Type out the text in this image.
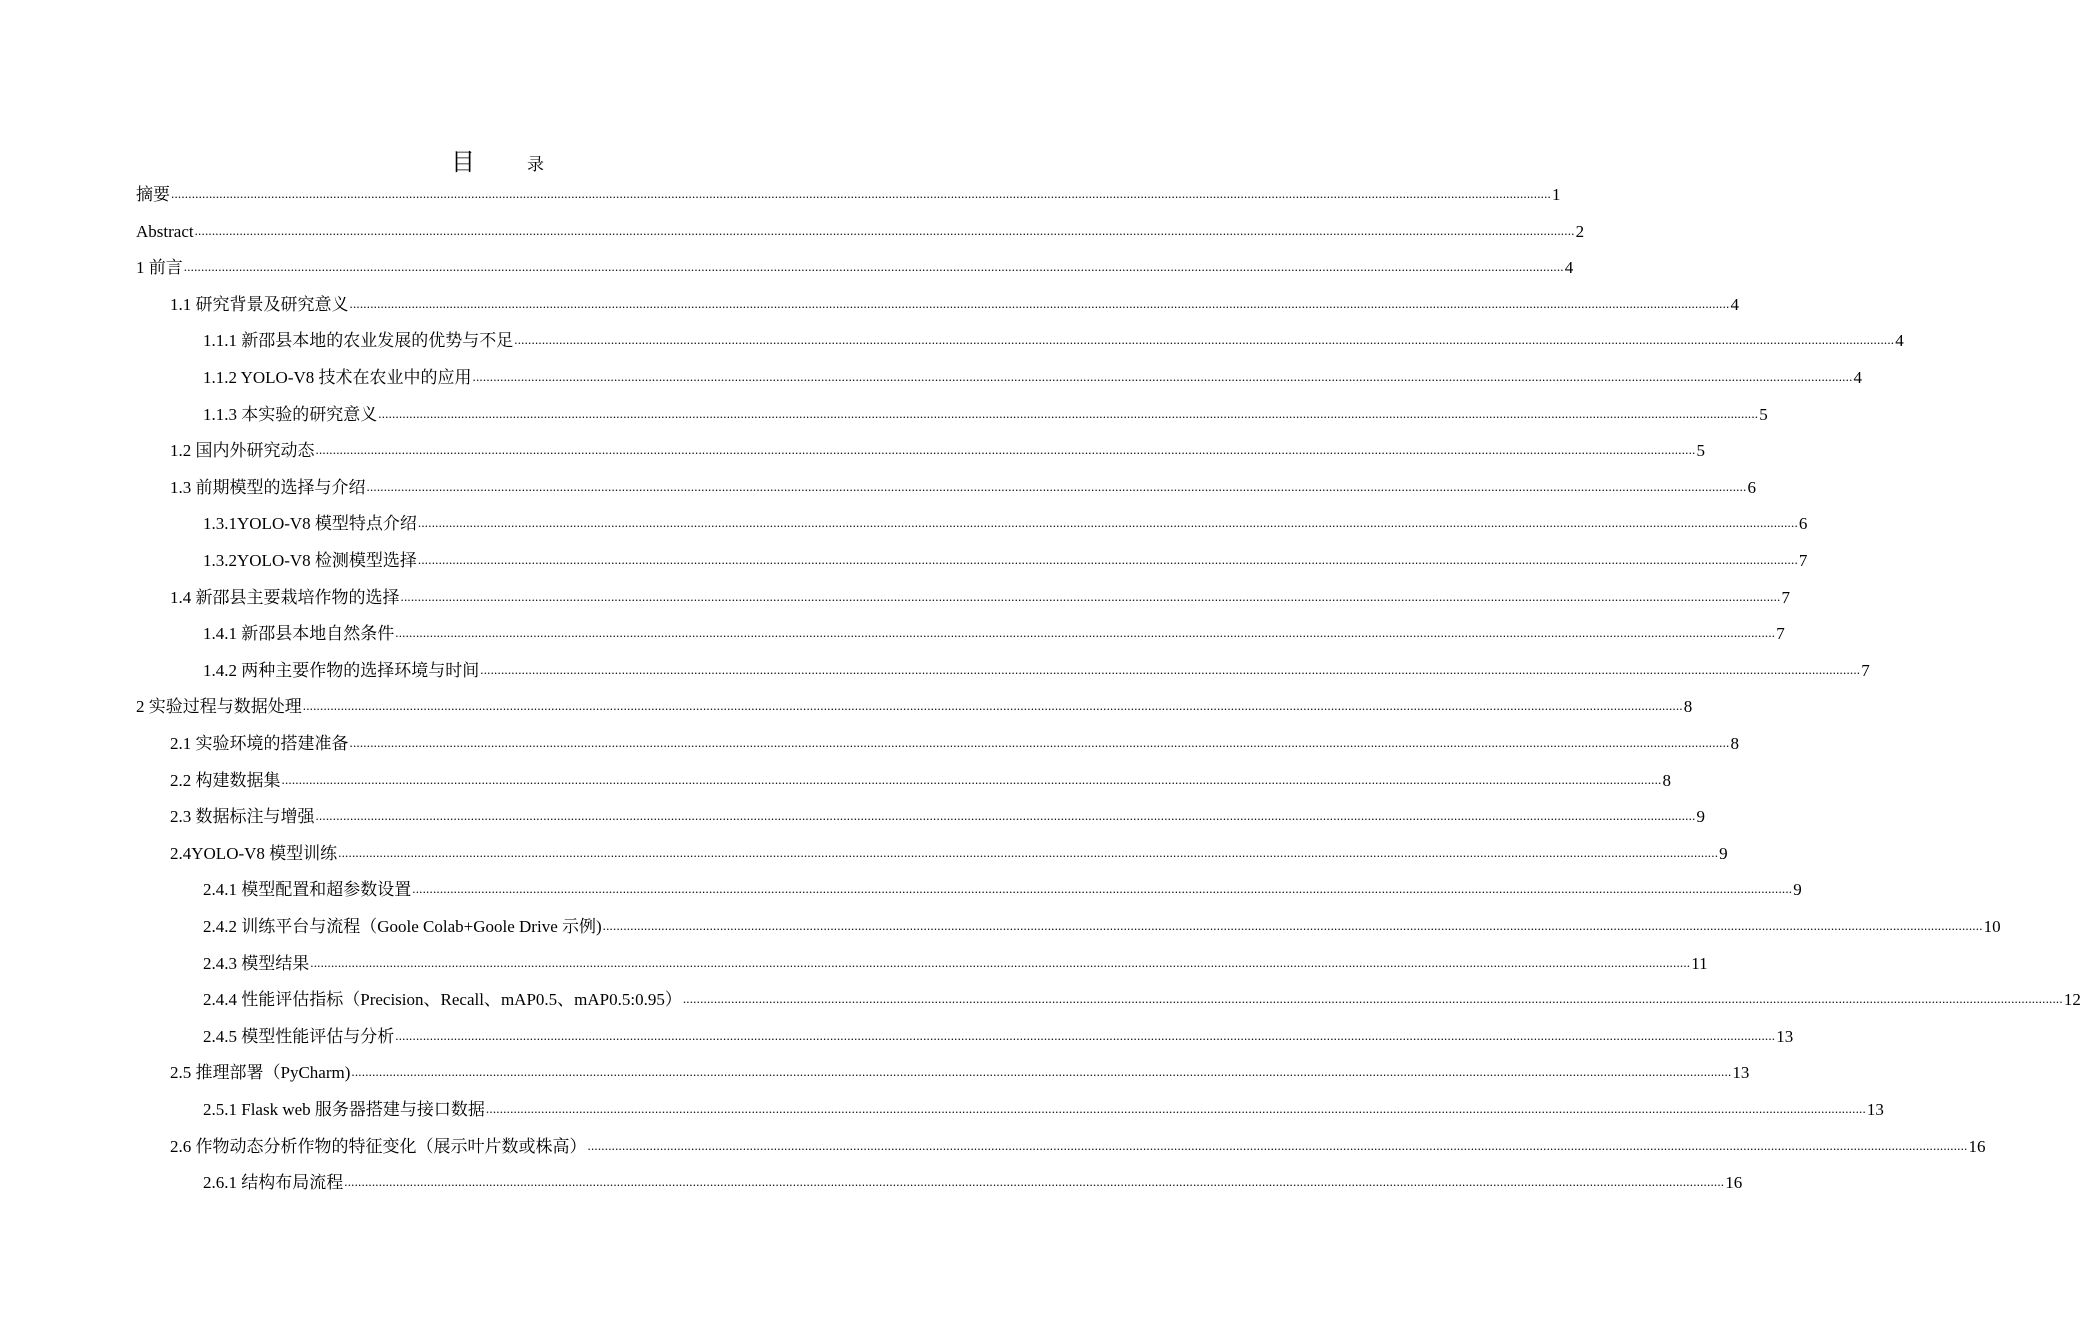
目	录
摘要 ................................................................................................................................................................................................................................................................................................................................................................................................................ 1
Abstract ................................................................................................................................................................................................................................................................................................................................................................................................................ 2
1 前言 ................................................................................................................................................................................................................................................................................................................................................................................................................ 4
1.1 研究背景及研究意义 ................................................................................................................................................................................................................................................................................................................................................................................................................ 4
1.1.1 新邵县本地的农业发展的优势与不足 ................................................................................................................................................................................................................................................................................................................................................................................................................ 4
1.1.2 YOLO-V8 技术在农业中的应用 ................................................................................................................................................................................................................................................................................................................................................................................................................ 4
1.1.3 本实验的研究意义 ................................................................................................................................................................................................................................................................................................................................................................................................................ 5
1.2 国内外研究动态 ................................................................................................................................................................................................................................................................................................................................................................................................................ 5
1.3 前期模型的选择与介绍 ................................................................................................................................................................................................................................................................................................................................................................................................................ 6
1.3.1YOLO-V8 模型特点介绍 ................................................................................................................................................................................................................................................................................................................................................................................................................ 6
1.3.2YOLO-V8 检测模型选择 ................................................................................................................................................................................................................................................................................................................................................................................................................ 7
1.4 新邵县主要栽培作物的选择 ................................................................................................................................................................................................................................................................................................................................................................................................................ 7
1.4.1 新邵县本地自然条件 ................................................................................................................................................................................................................................................................................................................................................................................................................ 7
1.4.2 两种主要作物的选择环境与时间 ................................................................................................................................................................................................................................................................................................................................................................................................................ 7
2 实验过程与数据处理 ................................................................................................................................................................................................................................................................................................................................................................................................................ 8
2.1 实验环境的搭建准备 ................................................................................................................................................................................................................................................................................................................................................................................................................ 8
2.2 构建数据集 ................................................................................................................................................................................................................................................................................................................................................................................................................ 8
2.3 数据标注与增强 ................................................................................................................................................................................................................................................................................................................................................................................................................ 9
2.4YOLO-V8 模型训练 ................................................................................................................................................................................................................................................................................................................................................................................................................ 9
2.4.1 模型配置和超参数设置 ................................................................................................................................................................................................................................................................................................................................................................................................................ 9
2.4.2 训练平台与流程（Goole Colab+Goole Drive 示例) ................................................................................................................................................................................................................................................................................................................................................................................................................ 10
2.4.3 模型结果 ................................................................................................................................................................................................................................................................................................................................................................................................................ 11
2.4.4 性能评估指标（Precision、Recall、mAP0.5、mAP0.5:0.95） ................................................................................................................................................................................................................................................................................................................................................................................................................ 12
2.4.5 模型性能评估与分析 ................................................................................................................................................................................................................................................................................................................................................................................................................ 13
2.5 推理部署（PyCharm) ................................................................................................................................................................................................................................................................................................................................................................................................................ 13
2.5.1 Flask web 服务器搭建与接口数据 ................................................................................................................................................................................................................................................................................................................................................................................................................ 13
2.6 作物动态分析作物的特征变化（展示叶片数或株高） ................................................................................................................................................................................................................................................................................................................................................................................................................ 16
2.6.1 结构布局流程 ................................................................................................................................................................................................................................................................................................................................................................................................................ 16
